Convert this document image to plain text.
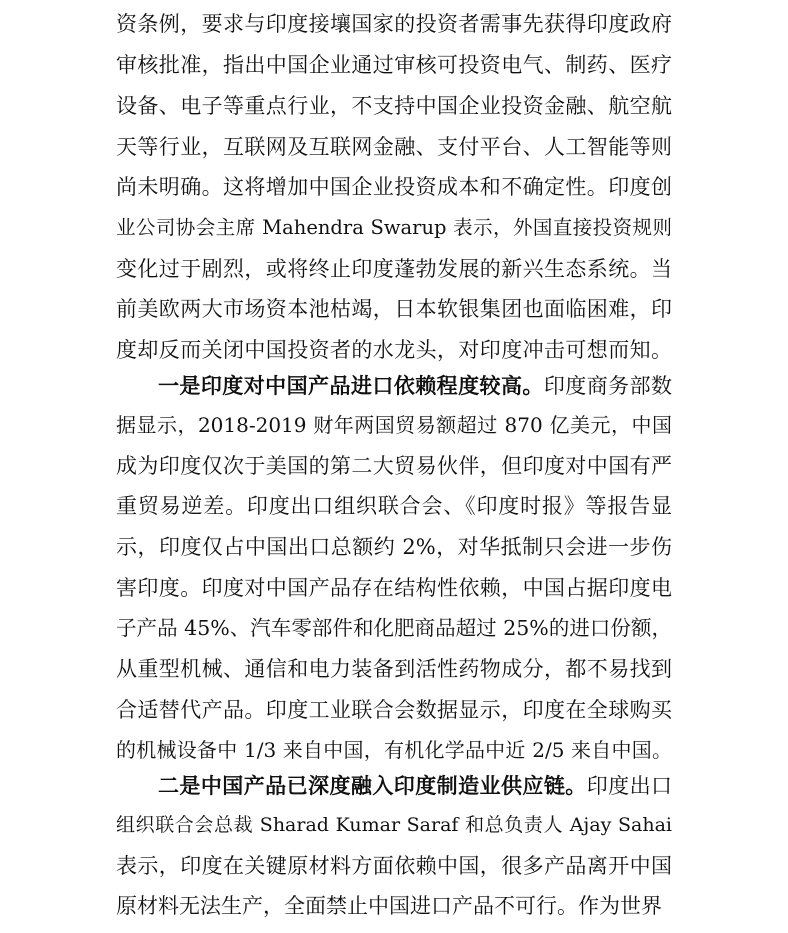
资条例，要求与印度接壤国家的投资者需事先获得印度政府
审核批准，指出中国企业通过审核可投资电气、制药、医疗
设备、电子等重点行业，不支持中国企业投资金融、航空航
天等行业，互联网及互联网金融、支付平台、人工智能等则
尚未明确。这将增加中国企业投资成本和不确定性。印度创
业公司协会主席 Mahendra Swarup 表示，外国直接投资规则
变化过于剧烈，或将终止印度蓬勃发展的新兴生态系统。当
前美欧两大市场资本池枯竭，日本软银集团也面临困难，印
度却反而关闭中国投资者的水龙头，对印度冲击可想而知。
一是印度对中国产品进口依赖程度较高。印度商务部数
据显示，2018-2019 财年两国贸易额超过 870 亿美元，中国
成为印度仅次于美国的第二大贸易伙伴，但印度对中国有严
重贸易逆差。印度出口组织联合会、《印度时报》等报告显
示，印度仅占中国出口总额约 2%，对华抵制只会进一步伤
害印度。印度对中国产品存在结构性依赖，中国占据印度电
子产品 45%、汽车零部件和化肥商品超过 25%的进口份额，
从重型机械、通信和电力装备到活性药物成分，都不易找到
合适替代产品。印度工业联合会数据显示，印度在全球购买
的机械设备中 1/3 来自中国，有机化学品中近 2/5 来自中国。
二是中国产品已深度融入印度制造业供应链。印度出口
组织联合会总裁 Sharad Kumar Saraf 和总负责人 Ajay Sahai
表示，印度在关键原材料方面依赖中国，很多产品离开中国
原材料无法生产，全面禁止中国进口产品不可行。作为世界
